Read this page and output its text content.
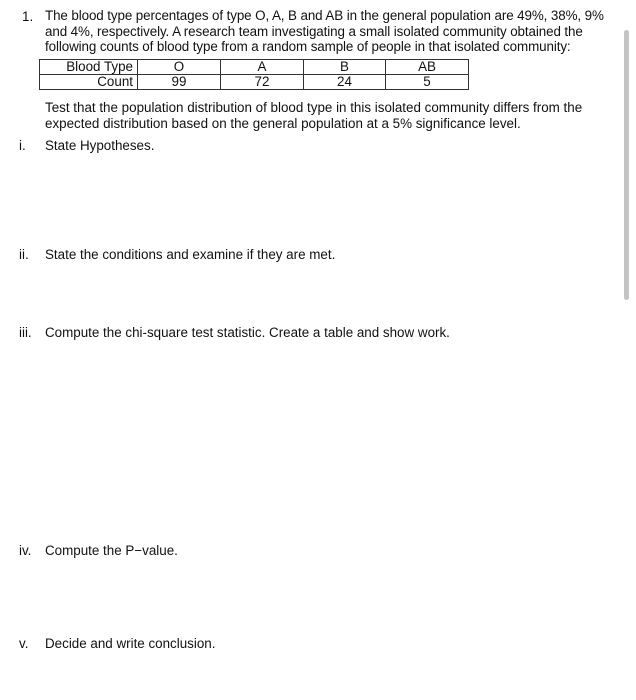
1. The blood type percentages of type O, A, B and AB in the general population are 49%, 38%, 9%
and 4%, respectively. A research team investigating a small isolated community obtained the
following counts of blood type from a random sample of people in that isolated community:
Blood Type	O	A	B	AB
Count	99	72	24	5
Test that the population distribution of blood type in this isolated community differs from the
expected distribution based on the general population at a 5% significance level.
i. State Hypotheses.
ii. State the conditions and examine if they are met.
iii. Compute the chi-square test statistic. Create a table and show work.
iv. Compute the P−value.
v. Decide and write conclusion.
